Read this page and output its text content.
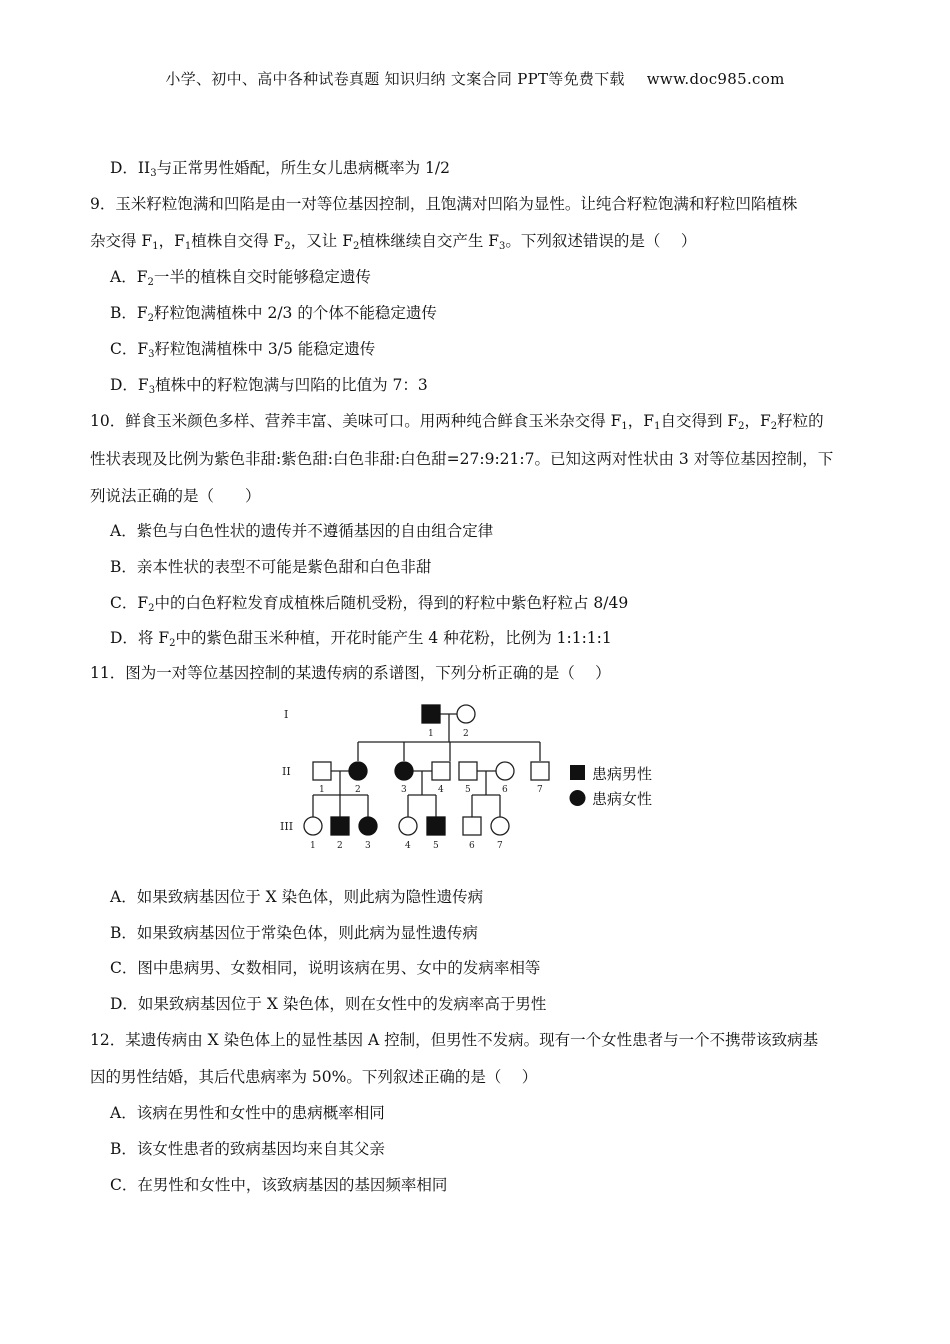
小学、初中、高中各种试卷真题 知识归纳 文案合同 PPT等免费下载 www.doc985.com
D．$II_3$与正常男性婚配，所生女儿患病概率为 1/2
9．玉米籽粒饱满和凹陷是由一对等位基因控制，且饱满对凹陷为显性。让纯合籽粒饱满和籽粒凹陷植株
杂交得 $F_1$，$F_1$植株自交得 $F_2$，又让 $F_2$植株继续自交产生 $F_3$。下列叙述错误的是（　 ）
A．$F_2$一半的植株自交时能够稳定遗传
B．$F_2$籽粒饱满植株中 2/3 的个体不能稳定遗传
C．$F_3$籽粒饱满植株中 3/5 能稳定遗传
D．$F_3$植株中的籽粒饱满与凹陷的比值为 7：3
10．鲜食玉米颜色多样、营养丰富、美味可口。用两种纯合鲜食玉米杂交得 $F_1$，$F_1$自交得到 $F_2$，$F_2$籽粒的
性状表现及比例为紫色非甜:紫色甜:白色非甜:白色甜=27:9:21:7。已知这两对性状由 3 对等位基因控制，下
列说法正确的是（　　）
A．紫色与白色性状的遗传并不遵循基因的自由组合定律
B．亲本性状的表型不可能是紫色甜和白色非甜
C．$F_2$中的白色籽粒发育成植株后随机受粉，得到的籽粒中紫色籽粒占 8/49
D．将 $F_2$中的紫色甜玉米种植，开花时能产生 4 种花粉，比例为 1:1:1:1
11．图为一对等位基因控制的某遗传病的系谱图，下列分析正确的是（　 ）
I
II
III
1	2
1	2	3	4 5	6	7
1 2 3	4 5	6 7
患病男性
患病女性
A．如果致病基因位于 X 染色体，则此病为隐性遗传病
B．如果致病基因位于常染色体，则此病为显性遗传病
C．图中患病男、女数相同，说明该病在男、女中的发病率相等
D．如果致病基因位于 X 染色体，则在女性中的发病率高于男性
12．某遗传病由 X 染色体上的显性基因 A 控制，但男性不发病。现有一个女性患者与一个不携带该致病基
因的男性结婚，其后代患病率为 50%。下列叙述正确的是（　 ）
A．该病在男性和女性中的患病概率相同
B．该女性患者的致病基因均来自其父亲
C．在男性和女性中，该致病基因的基因频率相同
